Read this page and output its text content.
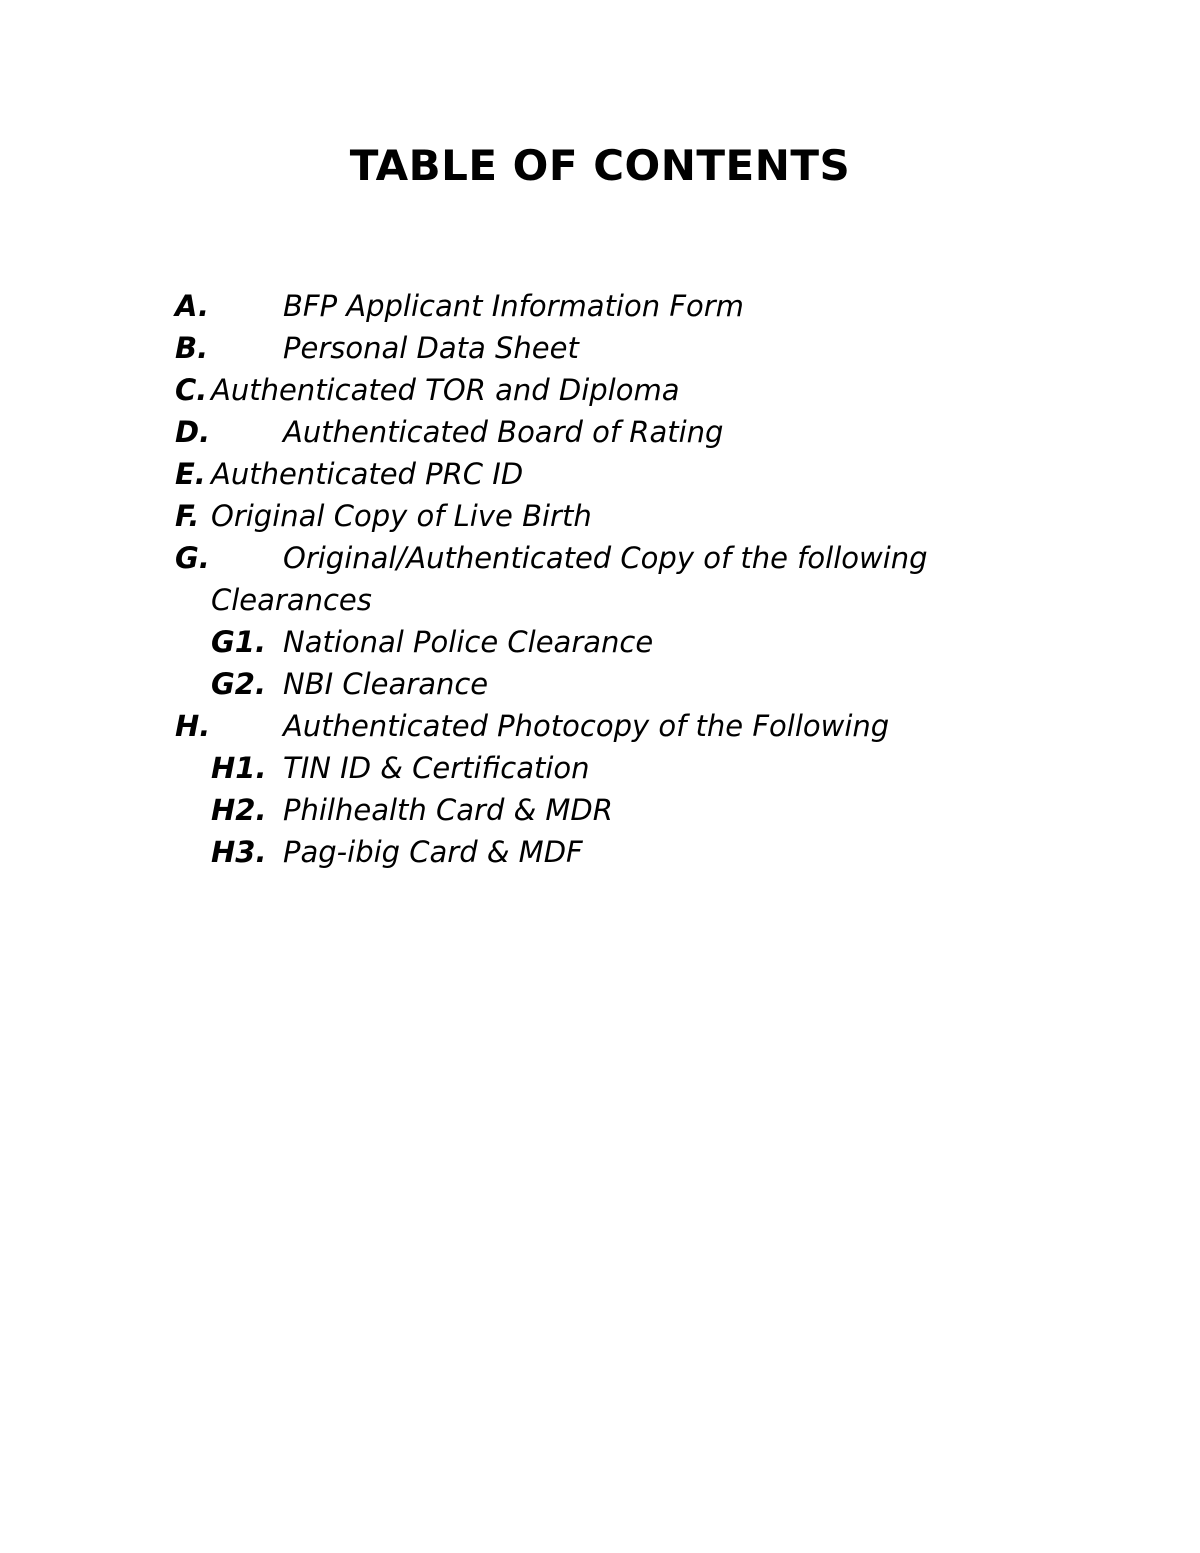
TABLE OF CONTENTS
A.	BFP Applicant Information Form
B.	Personal Data Sheet
C. Authenticated TOR and Diploma
D.	Authenticated Board of Rating
E. Authenticated PRC ID
F. Original Copy of Live Birth
G.	Original/Authenticated Copy of the following
Clearances
G1. National Police Clearance
G2. NBI Clearance
H.	Authenticated Photocopy of the Following
H1. TIN ID & Certification
H2. Philhealth Card & MDR
H3. Pag-ibig Card & MDF
